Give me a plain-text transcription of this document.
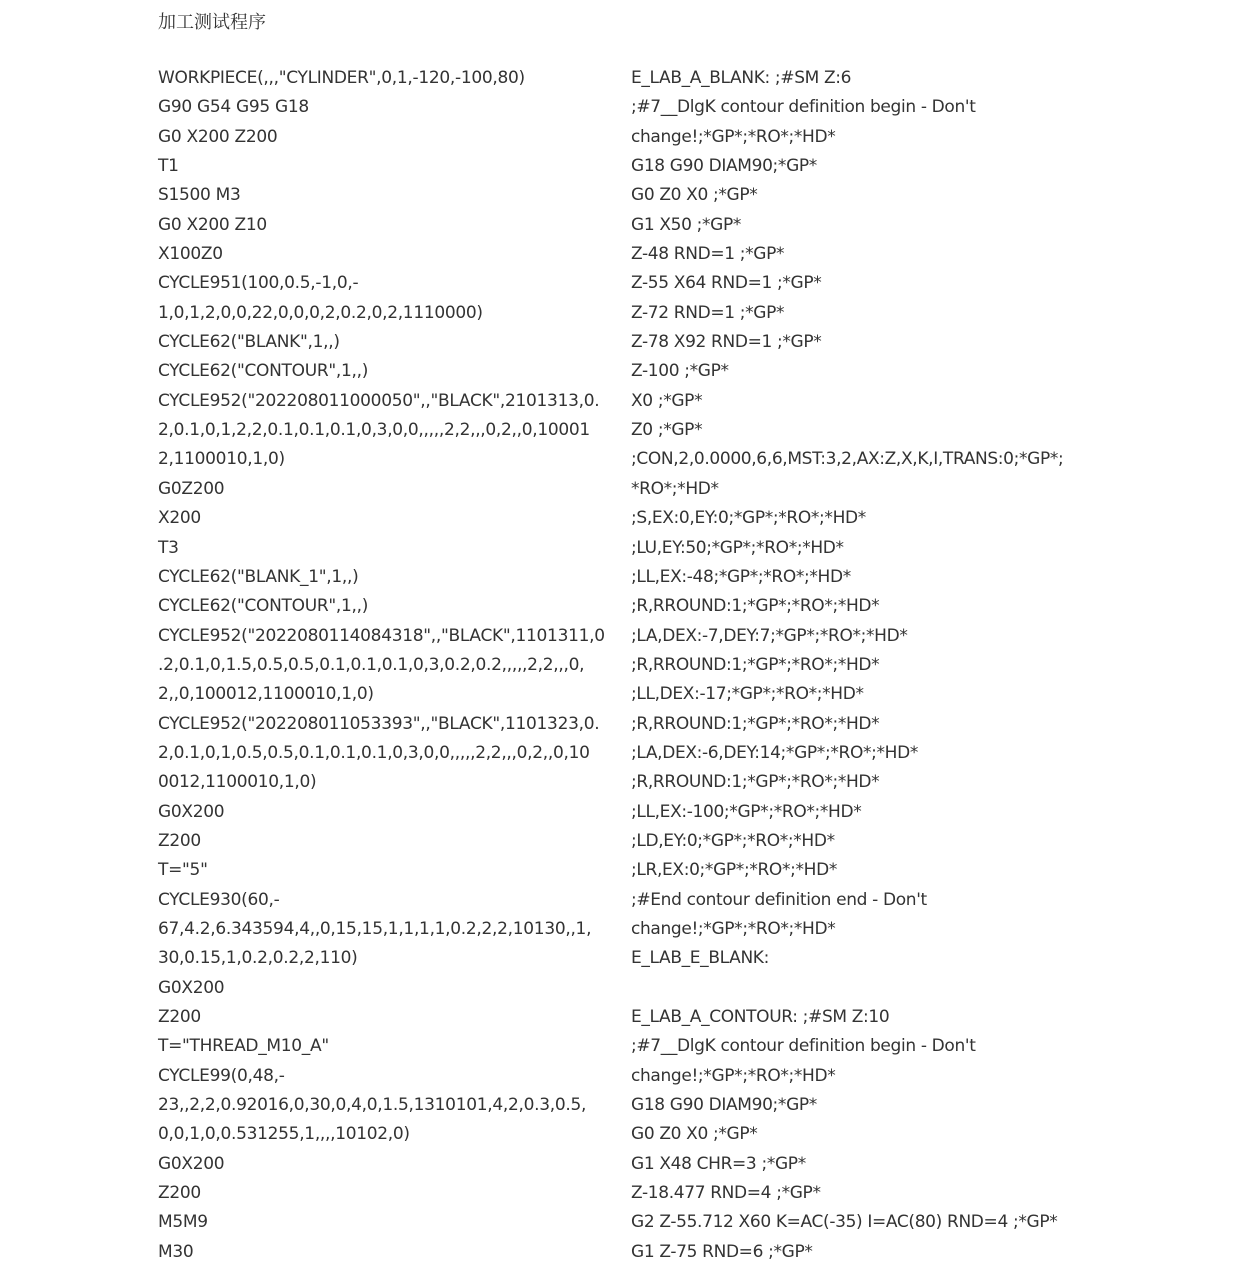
加工测试程序
WORKPIECE(,,,"CYLINDER",0,1,-120,-100,80)
G90 G54 G95 G18
G0 X200 Z200
T1
S1500 M3
G0 X200 Z10
X100Z0
CYCLE951(100,0.5,-1,0,-
1,0,1,2,0,0,22,0,0,0,2,0.2,0,2,1110000)
CYCLE62("BLANK",1,,)
CYCLE62("CONTOUR",1,,)
CYCLE952("202208011000050",,"BLACK",2101313,0.
2,0.1,0,1,2,2,0.1,0.1,0.1,0,3,0,0,,,,,2,2,,,0,2,,0,10001
2,1100010,1,0)
G0Z200
X200
T3
CYCLE62("BLANK_1",1,,)
CYCLE62("CONTOUR",1,,)
CYCLE952("2022080114084318",,"BLACK",1101311,0
.2,0.1,0,1.5,0.5,0.5,0.1,0.1,0.1,0,3,0.2,0.2,,,,,2,2,,,0,
2,,0,100012,1100010,1,0)
CYCLE952("202208011053393",,"BLACK",1101323,0.
2,0.1,0,1,0.5,0.5,0.1,0.1,0.1,0,3,0,0,,,,,2,2,,,0,2,,0,10
0012,1100010,1,0)
G0X200
Z200
T="5"
CYCLE930(60,-
67,4.2,6.343594,4,,0,15,15,1,1,1,1,0.2,2,2,10130,,1,
30,0.15,1,0.2,0.2,2,110)
G0X200
Z200
T="THREAD_M10_A"
CYCLE99(0,48,-
23,,2,2,0.92016,0,30,0,4,0,1.5,1310101,4,2,0.3,0.5,
0,0,1,0,0.531255,1,,,,10102,0)
G0X200
Z200
M5M9
M30
E_LAB_A_BLANK: ;#SM Z:6
;#7__DlgK contour definition begin - Don't
change!;*GP*;*RO*;*HD*
G18 G90 DIAM90;*GP*
G0 Z0 X0 ;*GP*
G1 X50 ;*GP*
Z-48 RND=1 ;*GP*
Z-55 X64 RND=1 ;*GP*
Z-72 RND=1 ;*GP*
Z-78 X92 RND=1 ;*GP*
Z-100 ;*GP*
X0 ;*GP*
Z0 ;*GP*
;CON,2,0.0000,6,6,MST:3,2,AX:Z,X,K,I,TRANS:0;*GP*;
*RO*;*HD*
;S,EX:0,EY:0;*GP*;*RO*;*HD*
;LU,EY:50;*GP*;*RO*;*HD*
;LL,EX:-48;*GP*;*RO*;*HD*
;R,RROUND:1;*GP*;*RO*;*HD*
;LA,DEX:-7,DEY:7;*GP*;*RO*;*HD*
;R,RROUND:1;*GP*;*RO*;*HD*
;LL,DEX:-17;*GP*;*RO*;*HD*
;R,RROUND:1;*GP*;*RO*;*HD*
;LA,DEX:-6,DEY:14;*GP*;*RO*;*HD*
;R,RROUND:1;*GP*;*RO*;*HD*
;LL,EX:-100;*GP*;*RO*;*HD*
;LD,EY:0;*GP*;*RO*;*HD*
;LR,EX:0;*GP*;*RO*;*HD*
;#End contour definition end - Don't
change!;*GP*;*RO*;*HD*
E_LAB_E_BLANK:
E_LAB_A_CONTOUR: ;#SM Z:10
;#7__DlgK contour definition begin - Don't
change!;*GP*;*RO*;*HD*
G18 G90 DIAM90;*GP*
G0 Z0 X0 ;*GP*
G1 X48 CHR=3 ;*GP*
Z-18.477 RND=4 ;*GP*
G2 Z-55.712 X60 K=AC(-35) I=AC(80) RND=4 ;*GP*
G1 Z-75 RND=6 ;*GP*
